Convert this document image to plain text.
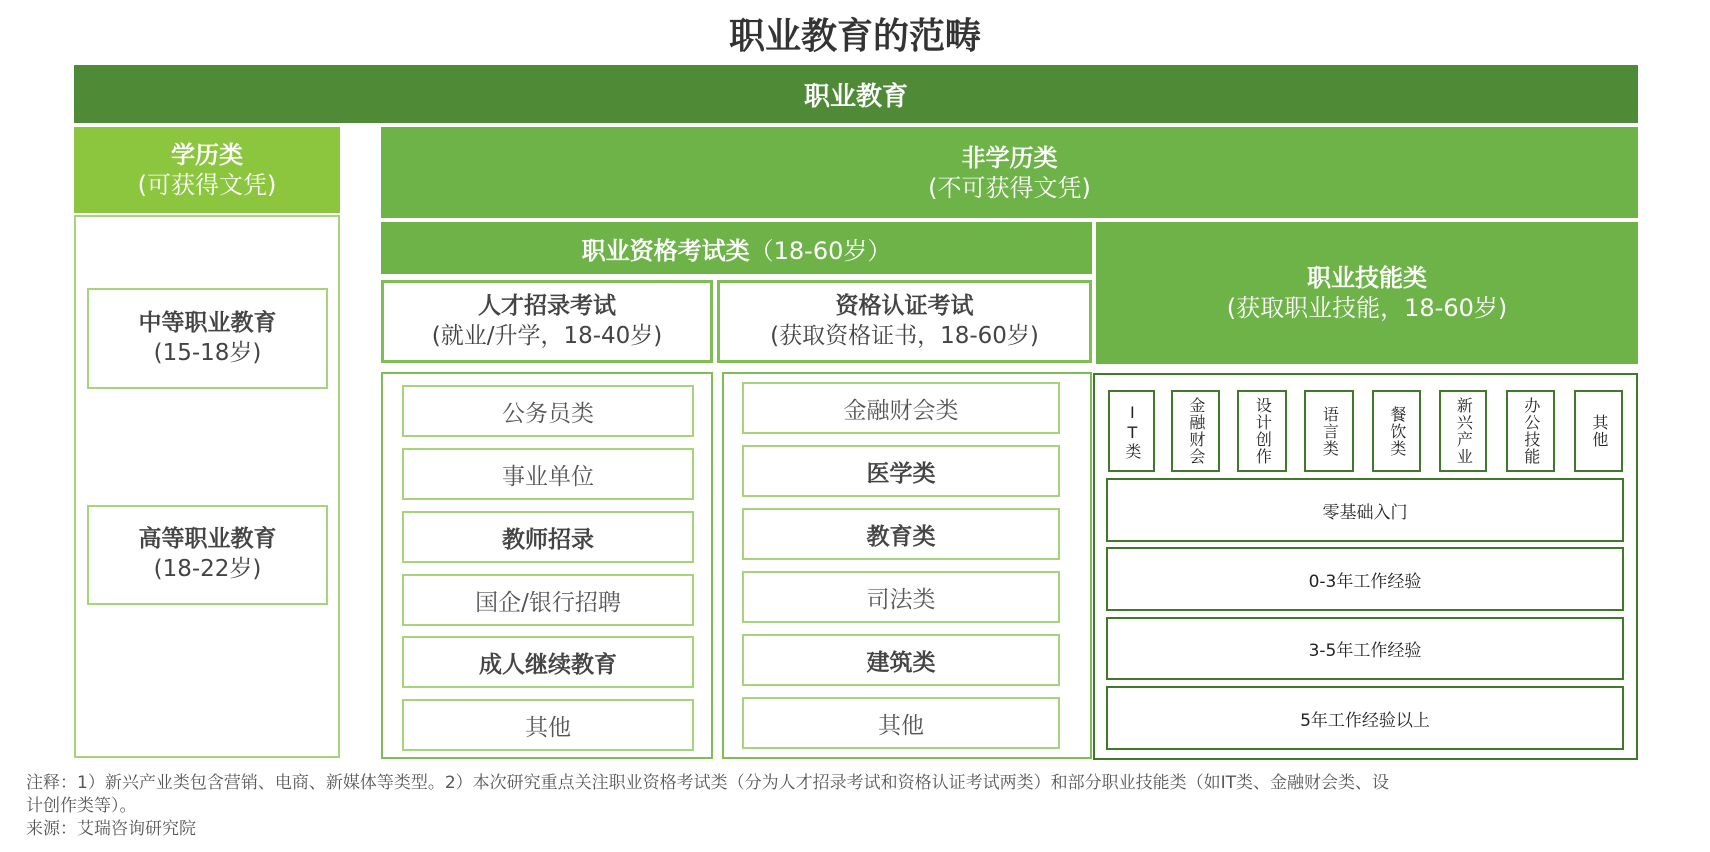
职业教育的范畴
职业教育
学历类
(可获得文凭)
中等职业教育
(15-18岁)
高等职业教育
(18-22岁)
非学历类
(不可获得文凭)
职业资格考试类 （18-60岁）
职业技能类
(获取职业技能，18-60岁)
人才招录考试
(就业/升学，18-40岁)
资格认证考试
(获取资格证书，18-60岁)
公务员类
事业单位
教师招录
国企/银行招聘
成人继续教育
其他
金融财会类
医学类
教育类
司法类
建筑类
其他
IT类	金融财会	设计创作	语言类	餐饮类	新兴产业	办公技能	其他
零基础入门
0-3年工作经验
3-5年工作经验
5年工作经验以上
注释：1）新兴产业类包含营销、电商、新媒体等类型。2）本次研究重点关注职业资格考试类（分为人才招录考试和资格认证考试两类）和部分职业技能类（如IT类、金融财会类、设
计创作类等）。
来源：艾瑞咨询研究院
